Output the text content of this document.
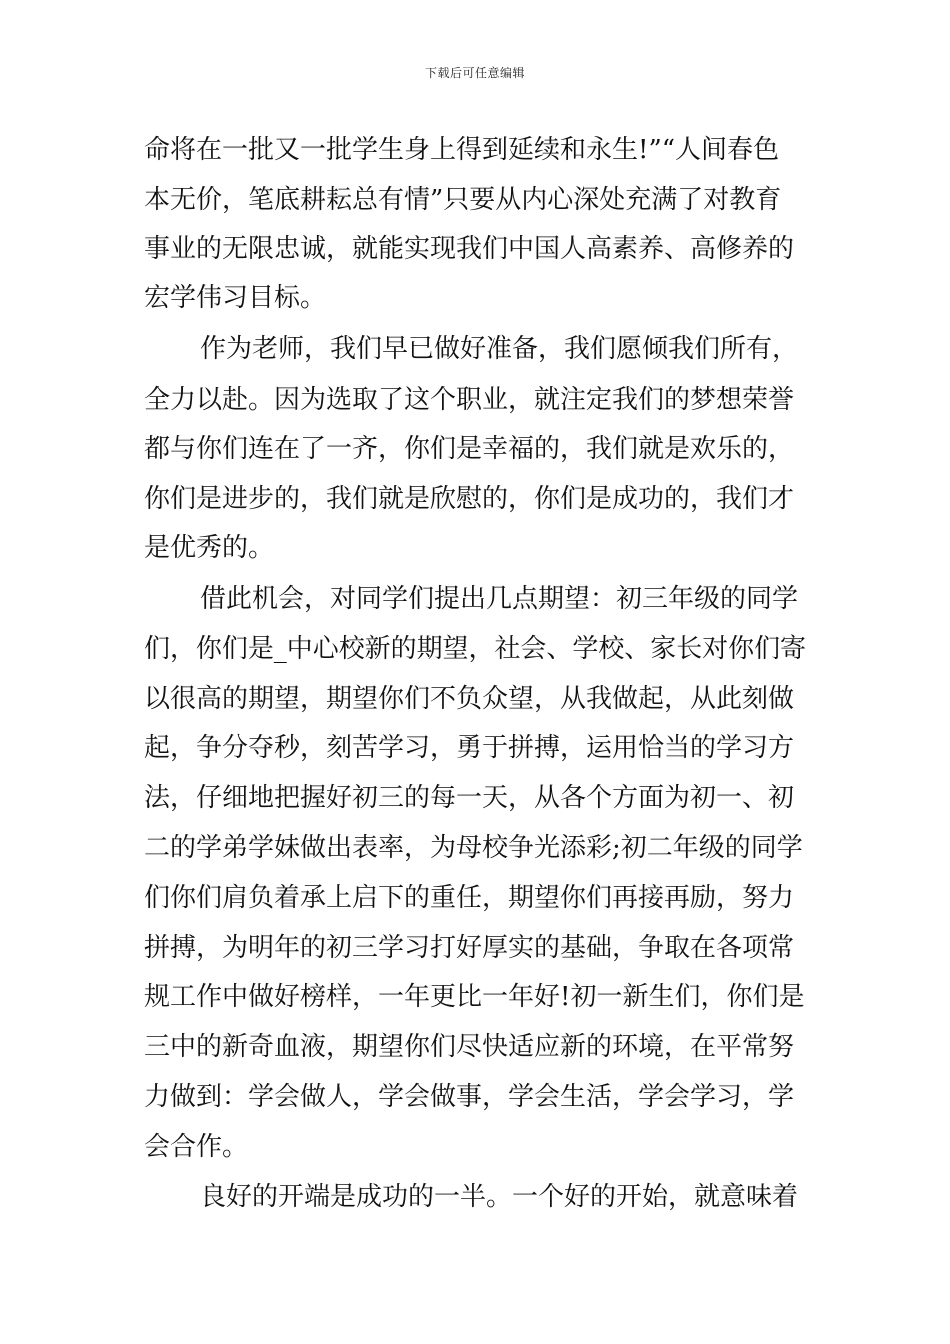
下载后可任意编辑
命将在一批又一批学生身上得到延续和永生!”“人间春色
本无价，笔底耕耘总有情”只要从内心深处充满了对教育
事业的无限忠诚，就能实现我们中国人高素养、高修养的
宏学伟习目标。
作为老师，我们早已做好准备，我们愿倾我们所有，
全力以赴。因为选取了这个职业，就注定我们的梦想荣誉
都与你们连在了一齐，你们是幸福的，我们就是欢乐的，
你们是进步的，我们就是欣慰的，你们是成功的，我们才
是优秀的。
借此机会，对同学们提出几点期望：初三年级的同学
们，你们是_中心校新的期望，社会、学校、家长对你们寄
以很高的期望，期望你们不负众望，从我做起，从此刻做
起，争分夺秒，刻苦学习，勇于拼搏，运用恰当的学习方
法，仔细地把握好初三的每一天，从各个方面为初一、初
二的学弟学妹做出表率，为母校争光添彩;初二年级的同学
们你们肩负着承上启下的重任，期望你们再接再励，努力
拼搏，为明年的初三学习打好厚实的基础，争取在各项常
规工作中做好榜样，一年更比一年好!初一新生们，你们是
三中的新奇血液，期望你们尽快适应新的环境，在平常努
力做到：学会做人，学会做事，学会生活，学会学习，学
会合作。
良好的开端是成功的一半。一个好的开始，就意味着
